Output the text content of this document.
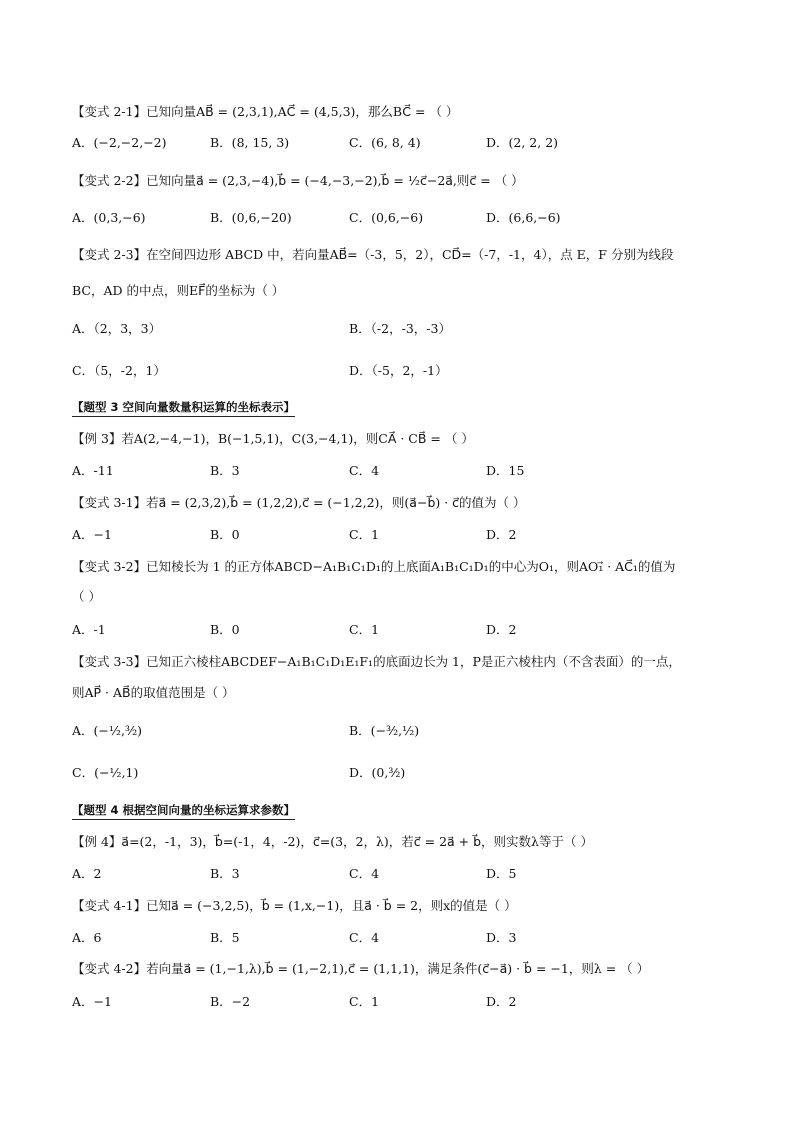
【变式 2-1】已知向量AB⃗ = (2,3,1),AC⃗ = (4,5,3)，那么BC⃗ = （ ）
A．(−2,−2,−2)	B．(8, 15, 3)	C．(6, 8, 4)	D．(2, 2, 2)
【变式 2-2】已知向量a⃗ = (2,3,−4),b⃗ = (−4,−3,−2),b⃗ = ½c⃗−2a⃗,则c⃗ = （ ）
A．(0,3,−6)	B．(0,6,−20)	C．(0,6,−6)	D．(6,6,−6)
【变式 2-3】在空间四边形 ABCD 中，若向量AB⃗=（-3，5，2），CD⃗=（-7，-1，4），点 E，F 分别为线段
BC，AD 的中点，则EF⃗的坐标为（ ）
A．（2，3，3）	B．（-2，-3，-3）
C．（5，-2，1）	D．（-5，2，-1）
【题型 3 空间向量数量积运算的坐标表示】
【例 3】若A(2,−4,−1)，B(−1,5,1)，C(3,−4,1)，则CA⃗ · CB⃗ = （ ）
A．-11	B．3	C．4	D．15
【变式 3-1】若a⃗ = (2,3,2),b⃗ = (1,2,2),c⃗ = (−1,2,2)，则(a⃗−b⃗) · c⃗的值为（ ）
A．−1	B．0	C．1	D．2
【变式 3-2】已知棱长为 1 的正方体ABCD−A₁B₁C₁D₁的上底面A₁B₁C₁D₁的中心为O₁，则AO₁⃗ · AC⃗₁的值为
（ ）
A．-1	B．0	C．1	D．2
【变式 3-3】已知正六棱柱ABCDEF−A₁B₁C₁D₁E₁F₁的底面边长为 1，P是正六棱柱内（不含表面）的一点，
则AP⃗ · AB⃗的取值范围是（ ）
A．(−½,³⁄₂)	B．(−³⁄₂,½)
C．(−½,1)	D．(0,³⁄₂)
【题型 4 根据空间向量的坐标运算求参数】
【例 4】a⃗=(2，-1，3)，b⃗=(-1，4，-2)，c⃗=(3，2，λ)，若c⃗ = 2a⃗ + b⃗，则实数λ等于（ ）
A．2	B．3	C．4	D．5
【变式 4-1】已知a⃗ = (−3,2,5)，b⃗ = (1,x,−1)，且a⃗ · b⃗ = 2，则x的值是（ ）
A．6	B．5	C．4	D．3
【变式 4-2】若向量a⃗ = (1,−1,λ),b⃗ = (1,−2,1),c⃗ = (1,1,1)，满足条件(c⃗−a⃗) · b⃗ = −1，则λ = （ ）
A．−1	B．−2	C．1	D．2
